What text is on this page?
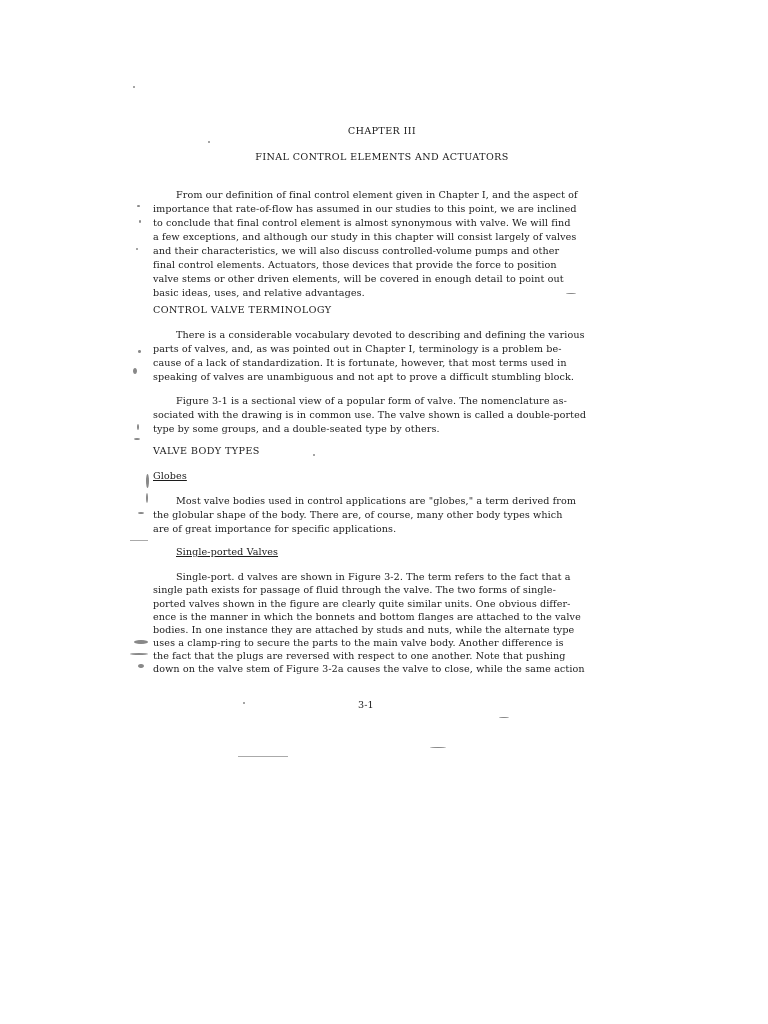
CHAPTER III
FINAL CONTROL ELEMENTS AND ACTUATORS
From our definition of final control element given in Chapter I, and the aspect of
importance that rate-of-flow has assumed in our studies to this point, we are inclined
to conclude that final control element is almost synonymous with valve. We will find
a few exceptions, and although our study in this chapter will consist largely of valves
and their characteristics, we will also discuss controlled-volume pumps and other
final control elements. Actuators, those devices that provide the force to position
valve stems or other driven elements, will be covered in enough detail to point out
basic ideas, uses, and relative advantages.
CONTROL VALVE TERMINOLOGY
There is a considerable vocabulary devoted to describing and defining the various
parts of valves, and, as was pointed out in Chapter I, terminology is a problem be-
cause of a lack of standardization. It is fortunate, however, that most terms used in
speaking of valves are unambiguous and not apt to prove a difficult stumbling block.
Figure 3-1 is a sectional view of a popular form of valve. The nomenclature as-
sociated with the drawing is in common use. The valve shown is called a double-ported
type by some groups, and a double-seated type by others.
VALVE BODY TYPES
Globes
Most valve bodies used in control applications are "globes," a term derived from
the globular shape of the body. There are, of course, many other body types which
are of great importance for specific applications.
Single-ported Valves
Single-port. d valves are shown in Figure 3-2. The term refers to the fact that a
single path exists for passage of fluid through the valve. The two forms of single-
ported valves shown in the figure are clearly quite similar units. One obvious differ-
ence is the manner in which the bonnets and bottom flanges are attached to the valve
bodies. In one instance they are attached by studs and nuts, while the alternate type
uses a clamp-ring to secure the parts to the main valve body. Another difference is
the fact that the plugs are reversed with respect to one another. Note that pushing
down on the valve stem of Figure 3-2a causes the valve to close, while the same action
3-1
